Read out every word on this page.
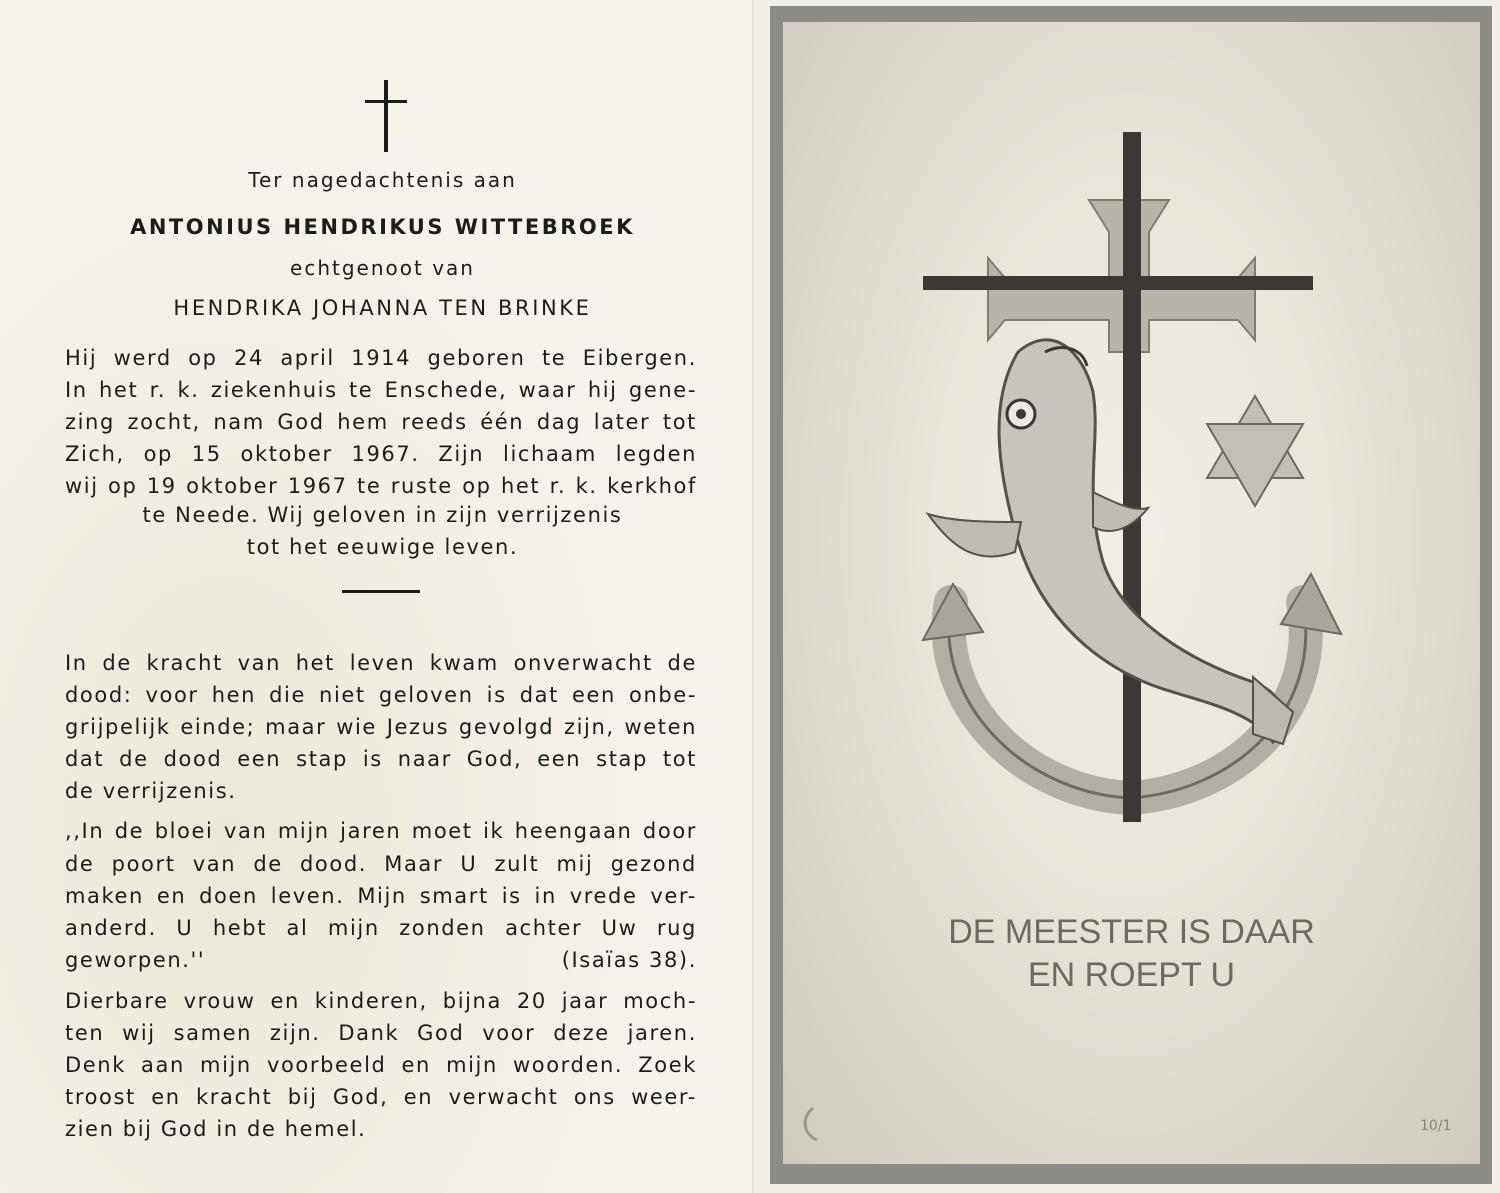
Ter nagedachtenis aan

ANTONIUS HENDRIKUS WITTEBROEK

echtgenoot van

HENDRIKA JOHANNA TEN BRINKE

Hij werd op 24 april 1914 geboren te Eibergen.

In het r. k. ziekenhuis te Enschede, waar hij gene-

zing zocht, nam God hem reeds één dag later tot

Zich, op 15 oktober 1967. Zijn lichaam legden

wij op 19 oktober 1967 te ruste op het r. k. kerkhof

te Neede. Wij geloven in zijn verrijzenis

tot het eeuwige leven.

In de kracht van het leven kwam onverwacht de

dood: voor hen die niet geloven is dat een onbe-

grijpelijk einde; maar wie Jezus gevolgd zijn, weten

dat de dood een stap is naar God, een stap tot

de verrijzenis.

,,In de bloei van mijn jaren moet ik heengaan door

de poort van de dood. Maar U zult mij gezond

maken en doen leven. Mijn smart is in vrede ver-

anderd. U hebt al mijn zonden achter Uw rug

geworpen.''	(Isaïas 38).

Dierbare vrouw en kinderen, bijna 20 jaar moch-

ten wij samen zijn. Dank God voor deze jaren.

Denk aan mijn voorbeeld en mijn woorden. Zoek

troost en kracht bij God, en verwacht ons weer-

zien bij God in de hemel.

DE MEESTER IS DAAR

EN ROEPT U

10/1
